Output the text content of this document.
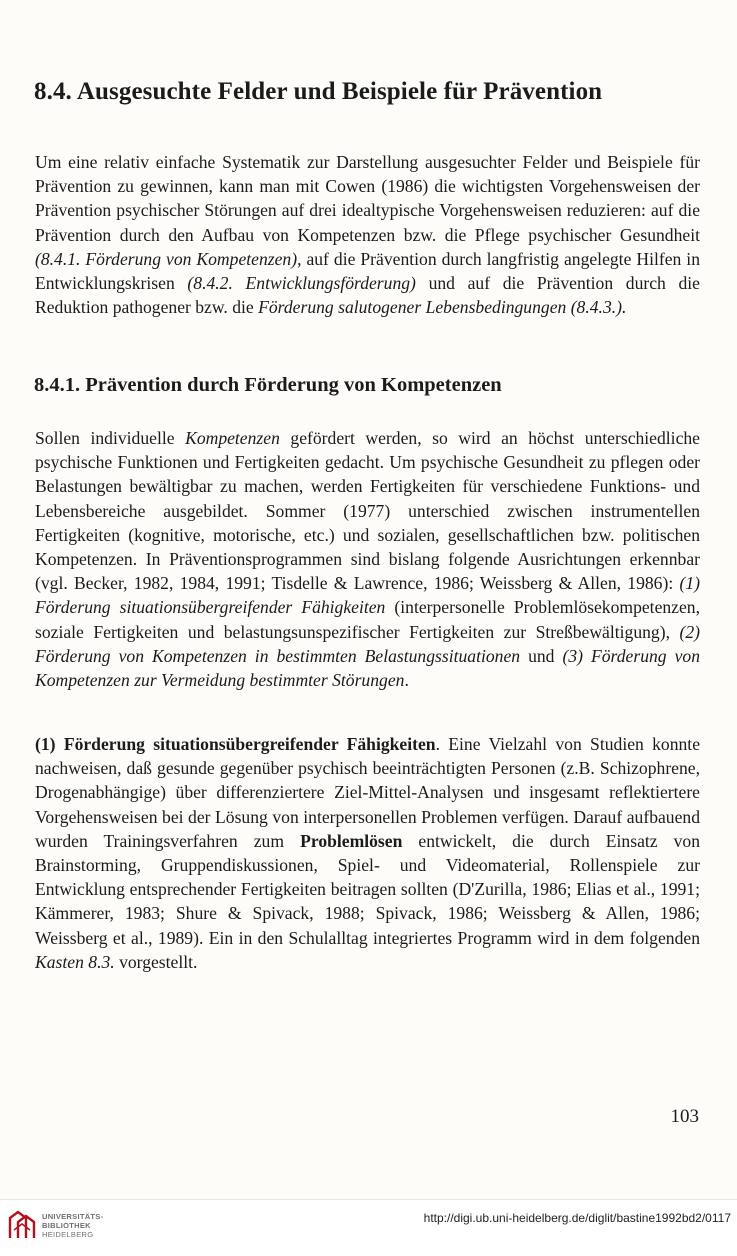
8.4. Ausgesuchte Felder und Beispiele für Prävention

Um eine relativ einfache Systematik zur Darstellung ausgesuchter Felder und Beispiele für Prävention zu gewinnen, kann man mit Cowen (1986) die wichtigsten Vorgehensweisen der Prävention psychischer Störungen auf drei idealtypische Vorgehensweisen reduzieren: auf die Prävention durch den Aufbau von Kompetenzen bzw. die Pflege psychischer Gesundheit (8.4.1. Förderung von Kompetenzen), auf die Prävention durch langfristig angelegte Hilfen in Entwicklungskrisen (8.4.2. Entwicklungsförderung) und auf die Prävention durch die Reduktion pathogener bzw. die Förderung salutogener Lebensbedingungen (8.4.3.).

8.4.1. Prävention durch Förderung von Kompetenzen

Sollen individuelle Kompetenzen gefördert werden, so wird an höchst unterschiedliche psychische Funktionen und Fertigkeiten gedacht. Um psychische Gesundheit zu pflegen oder Belastungen bewältigbar zu machen, werden Fertigkeiten für verschiedene Funktions- und Lebensbereiche ausgebildet. Sommer (1977) unterschied zwischen instrumentellen Fertigkeiten (kognitive, motorische, etc.) und sozialen, gesellschaftlichen bzw. politischen Kompetenzen. In Präventionsprogrammen sind bislang folgende Ausrichtungen erkennbar (vgl. Becker, 1982, 1984, 1991; Tisdelle & Lawrence, 1986; Weissberg & Allen, 1986): (1) Förderung situationsübergreifender Fähigkeiten (interpersonelle Problemlösekompetenzen, soziale Fertigkeiten und belastungsunspezifischer Fertigkeiten zur Streßbewältigung), (2) Förderung von Kompetenzen in bestimmten Belastungssituationen und (3) Förderung von Kompetenzen zur Vermeidung bestimmter Störungen.

(1) Förderung situationsübergreifender Fähigkeiten. Eine Vielzahl von Studien konnte nachweisen, daß gesunde gegenüber psychisch beeinträchtigten Personen (z.B. Schizophrene, Drogenabhängige) über differenziertere Ziel-Mittel-Analysen und insgesamt reflektiertere Vorgehensweisen bei der Lösung von interpersonellen Problemen verfügen. Darauf aufbauend wurden Trainingsverfahren zum Problemlösen entwickelt, die durch Einsatz von Brainstorming, Gruppendiskussionen, Spiel- und Videomaterial, Rollenspiele zur Entwicklung entsprechender Fertigkeiten beitragen sollten (D'Zurilla, 1986; Elias et al., 1991; Kämmerer, 1983; Shure & Spivack, 1988; Spivack, 1986; Weissberg & Allen, 1986; Weissberg et al., 1989). Ein in den Schulalltag integriertes Programm wird in dem folgenden Kasten 8.3. vorgestellt.

103
UNIVERSITÄTS-
BIBLIOTHEK
HEIDELBERG
http://digi.ub.uni-heidelberg.de/diglit/bastine1992bd2/0117
